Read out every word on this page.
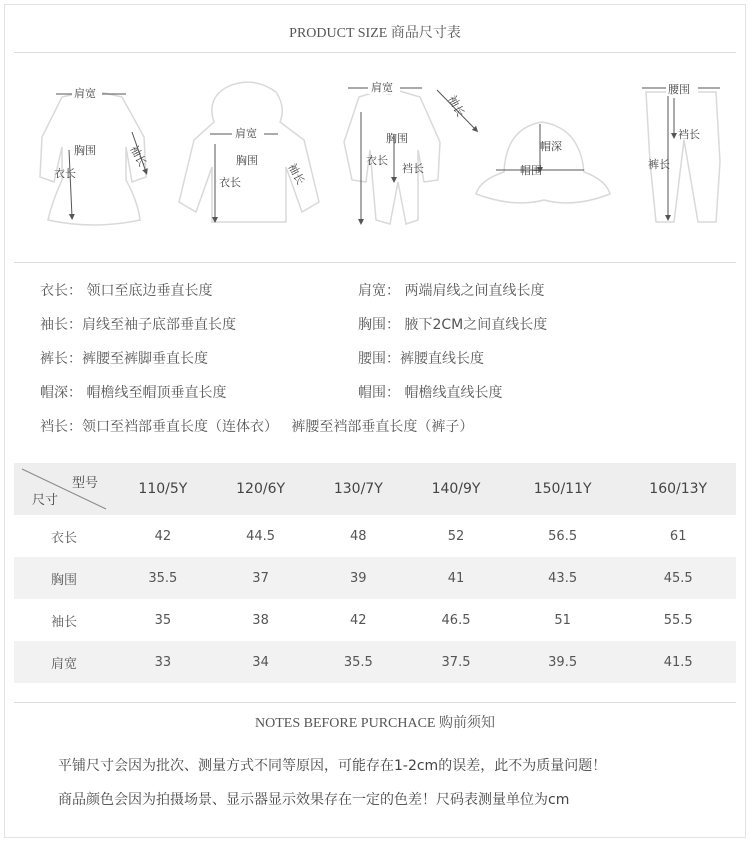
PRODUCT SIZE 商品尺寸表
肩宽
胸围
衣长
袖长
肩宽
胸围
衣长	袖长
肩宽
胸围
衣长
裆长
袖长
帽深
帽围
腰围
裆长
裤长
衣长： 领口至底边垂直长度	肩宽： 两端肩线之间直线长度
袖长：肩线至袖子底部垂直长度	胸围： 腋下2CM之间直线长度
裤长：裤腰至裤脚垂直长度	腰围：裤腰直线长度
帽深： 帽檐线至帽顶垂直长度	帽围： 帽檐线直线长度
裆长：领口至裆部垂直长度（连体衣）   裤腰至裆部垂直长度（裤子）
型号
尺寸	110/5Y	120/6Y	130/7Y	140/9Y	150/11Y	160/13Y
衣长	42	44.5	48	52	56.5	61
胸围	35.5	37	39	41	43.5	45.5
袖长	35	38	42	46.5	51	55.5
肩宽	33	34	35.5	37.5	39.5	41.5
NOTES BEFORE PURCHACE 购前须知
平铺尺寸会因为批次、测量方式不同等原因，可能存在1-2cm的误差，此不为质量问题！
商品颜色会因为拍摄场景、显示器显示效果存在一定的色差！尺码表测量单位为cm
